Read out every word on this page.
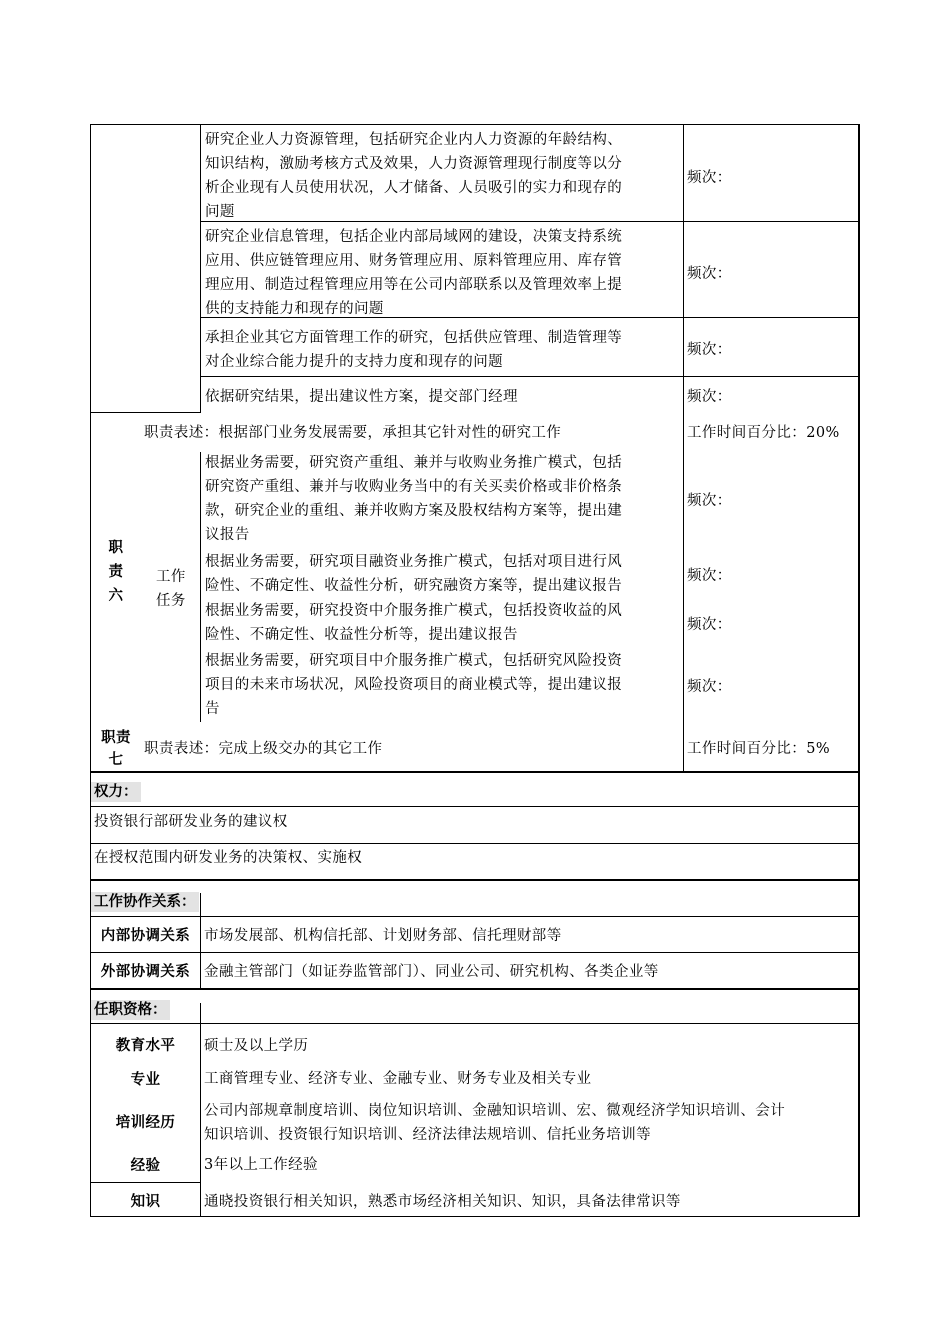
研究企业人力资源管理，包括研究企业内人力资源的年龄结构、
知识结构，激励考核方式及效果，人力资源管理现行制度等以分
析企业现有人员使用状况，人才储备、人员吸引的实力和现存的
问题
频次：
研究企业信息管理，包括企业内部局域网的建设，决策支持系统
应用、供应链管理应用、财务管理应用、原料管理应用、库存管
理应用、制造过程管理应用等在公司内部联系以及管理效率上提
供的支持能力和现存的问题
频次：
承担企业其它方面管理工作的研究，包括供应管理、制造管理等
对企业综合能力提升的支持力度和现存的问题
频次：
依据研究结果，提出建议性方案，提交部门经理	频次：
职
责
六
职责表述：根据部门业务发展需要，承担其它针对性的研究工作	工作时间百分比：20%
工作
任务
根据业务需要，研究资产重组、兼并与收购业务推广模式，包括
研究资产重组、兼并与收购业务当中的有关买卖价格或非价格条
款，研究企业的重组、兼并收购方案及股权结构方案等，提出建
议报告
频次：
根据业务需要，研究项目融资业务推广模式，包括对项目进行风
险性、不确定性、收益性分析，研究融资方案等，提出建议报告
频次：
根据业务需要，研究投资中介服务推广模式，包括投资收益的风
险性、不确定性、收益性分析等，提出建议报告
频次：
根据业务需要，研究项目中介服务推广模式，包括研究风险投资
项目的未来市场状况，风险投资项目的商业模式等，提出建议报
告
频次：
职责
七
职责表述：完成上级交办的其它工作	工作时间百分比：5%
权力：
投资银行部研发业务的建议权
在授权范围内研发业务的决策权、实施权
工作协作关系：
内部协调关系 市场发展部、机构信托部、计划财务部、信托理财部等
外部协调关系 金融主管部门（如证券监管部门）、同业公司、研究机构、各类企业等
任职资格：
教育水平	硕士及以上学历
专业	工商管理专业、经济专业、金融专业、财务专业及相关专业
培训经历
公司内部规章制度培训、岗位知识培训、金融知识培训、宏、微观经济学知识培训、会计
知识培训、投资银行知识培训、经济法律法规培训、信托业务培训等
经验	3年以上工作经验
知识	通晓投资银行相关知识，熟悉市场经济相关知识、知识，具备法律常识等
